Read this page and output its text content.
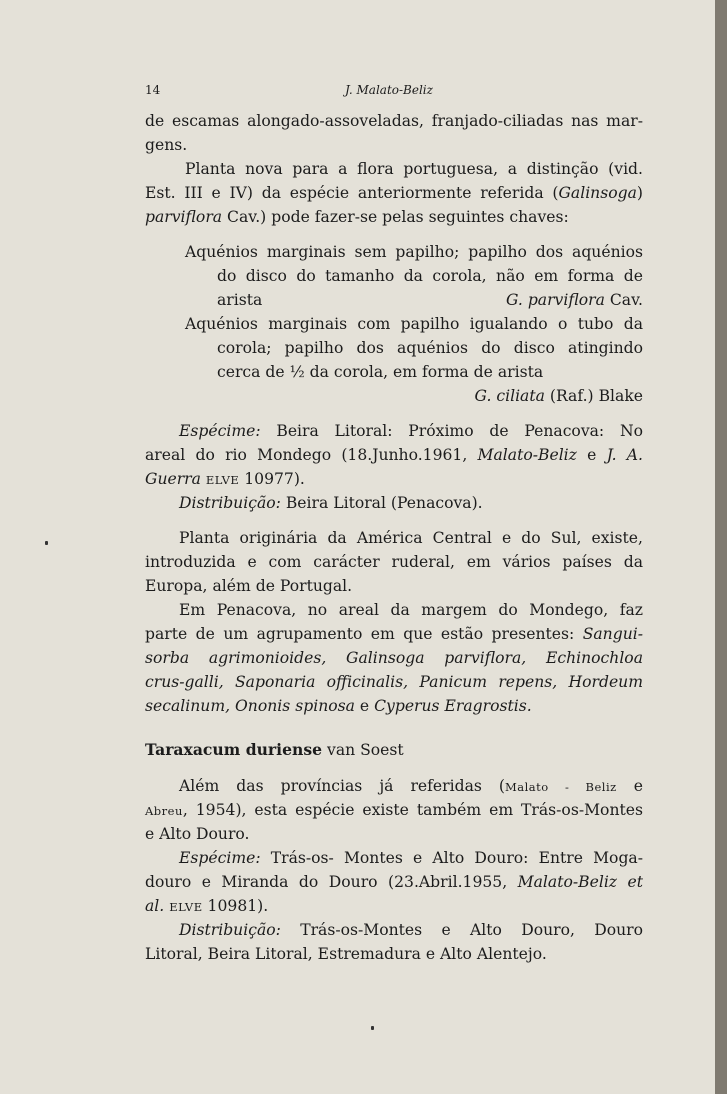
14	J. Malato-Beliz
de escamas alongado-assoveladas, franjado-ciliadas nas mar-
gens.
Planta nova para a flora portuguesa, a distinção (vid.
Est. III e IV) da espécie anteriormente referida (Galinsoga)
parviflora Cav.) pode fazer-se pelas seguintes chaves:
Aquénios marginais sem papilho; papilho dos aquénios
do disco do tamanho da corola, não em forma de
arista	G. parviflora Cav.
Aquénios marginais com papilho igualando o tubo da
corola; papilho dos aquénios do disco atingindo
cerca de ½ da corola, em forma de arista
G. ciliata (Raf.) Blake
Espécime: Beira Litoral: Próximo de Penacova: No
areal do rio Mondego (18.Junho.1961, Malato-Beliz e J. A.
Guerra ELVE 10977).
Distribuição: Beira Litoral (Penacova).
Planta originária da América Central e do Sul, existe,
introduzida e com carácter ruderal, em vários países da
Europa, além de Portugal.
Em Penacova, no areal da margem do Mondego, faz
parte de um agrupamento em que estão presentes: Sangui-
sorba agrimonioides, Galinsoga parviflora, Echinochloa
crus-galli, Saponaria officinalis, Panicum repens, Hordeum
secalinum, Ononis spinosa e Cyperus Eragrostis.
Taraxacum duriense van Soest
Além das províncias já referidas (Malato - Beliz e
Abreu, 1954), esta espécie existe também em Trás-os-Montes
e Alto Douro.
Espécime: Trás-os- Montes e Alto Douro: Entre Moga-
douro e Miranda do Douro (23.Abril.1955, Malato-Beliz et
al. ELVE 10981).
Distribuição: Trás-os-Montes e Alto Douro, Douro
Litoral, Beira Litoral, Estremadura e Alto Alentejo.
